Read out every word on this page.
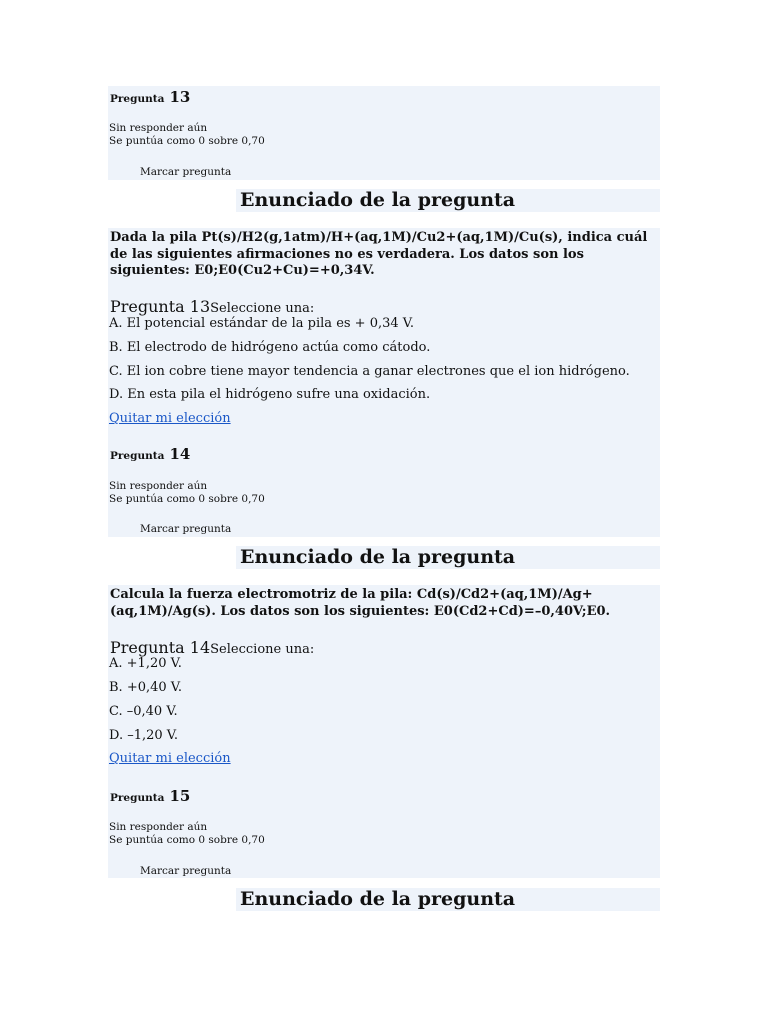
Pregunta 13
Sin responder aún
Se puntúa como 0 sobre 0,70
Marcar pregunta
Enunciado de la pregunta
Dada la pila Pt(s)/H2(g,1atm)/H+(aq,1M)/Cu2+(aq,1M)/Cu(s), indica cuál de las siguientes afirmaciones no es verdadera. Los datos son los siguientes: E0;E0(Cu2+Cu)=+0,34V.
Pregunta 13Seleccione una:
A. El potencial estándar de la pila es + 0,34 V.
B. El electrodo de hidrógeno actúa como cátodo.
C. El ion cobre tiene mayor tendencia a ganar electrones que el ion hidrógeno.
D. En esta pila el hidrógeno sufre una oxidación.
Quitar mi elección
Pregunta 14
Sin responder aún
Se puntúa como 0 sobre 0,70
Marcar pregunta
Enunciado de la pregunta
Calcula la fuerza electromotriz de la pila: Cd(s)/Cd2+(aq,1M)/Ag+(aq,1M)/Ag(s). Los datos son los siguientes: E0(Cd2+Cd)=–0,40V;E0.
Pregunta 14Seleccione una:
A. +1,20 V.
B. +0,40 V.
C. –0,40 V.
D. –1,20 V.
Quitar mi elección
Pregunta 15
Sin responder aún
Se puntúa como 0 sobre 0,70
Marcar pregunta
Enunciado de la pregunta
